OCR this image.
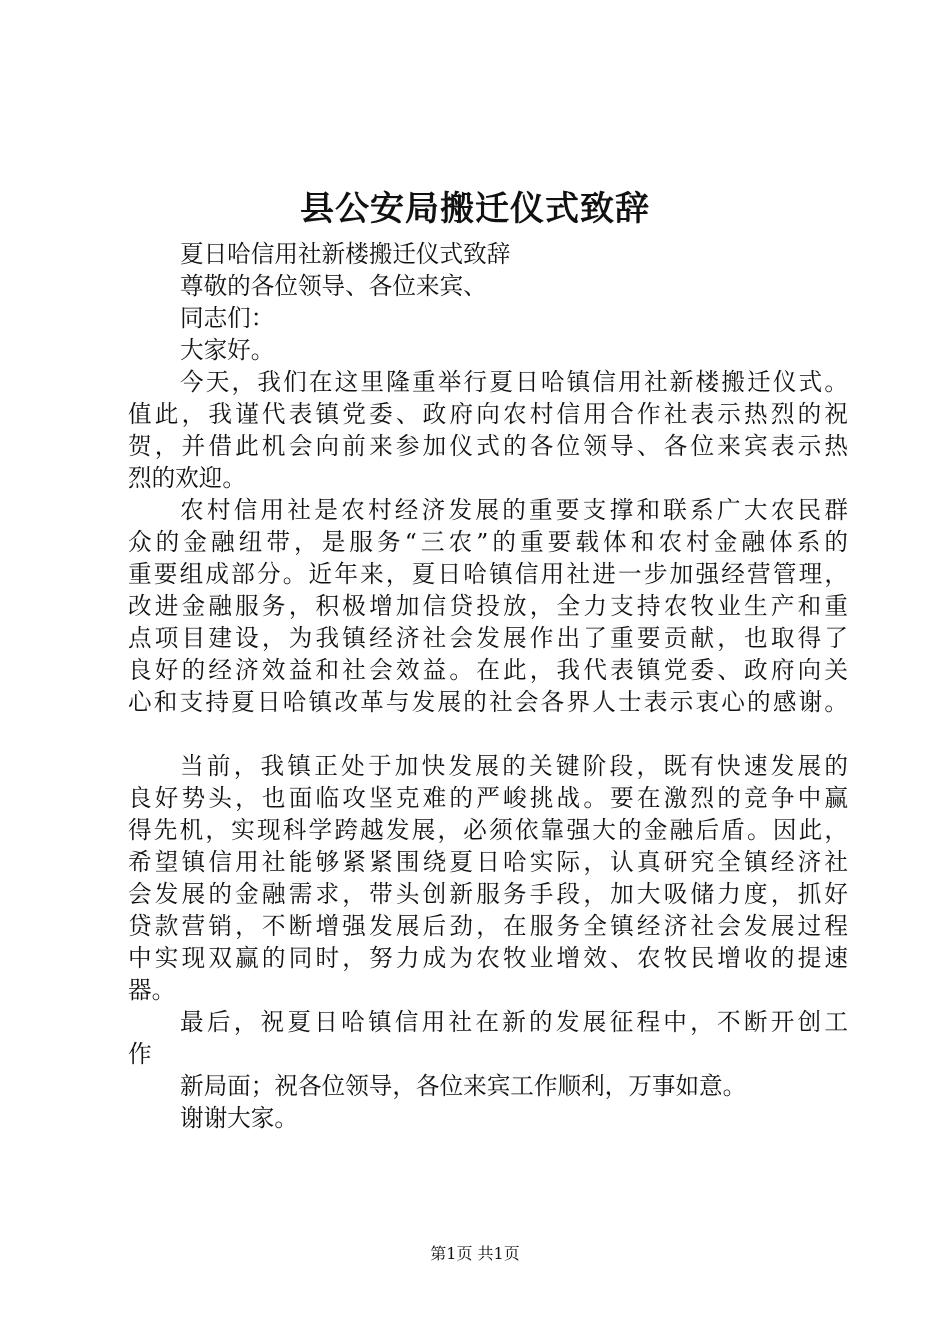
县公安局搬迁仪式致辞
夏日哈信用社新楼搬迁仪式致辞
尊敬的各位领导、各位来宾、
同志们：
大家好。
今天，我们在这里隆重举行夏日哈镇信用社新楼搬迁仪式。
值此，我谨代表镇党委、政府向农村信用合作社表示热烈的祝
贺，并借此机会向前来参加仪式的各位领导、各位来宾表示热
烈的欢迎。
农村信用社是农村经济发展的重要支撑和联系广大农民群
众的金融纽带，是服务“三农”的重要载体和农村金融体系的
重要组成部分。近年来，夏日哈镇信用社进一步加强经营管理，
改进金融服务，积极增加信贷投放，全力支持农牧业生产和重
点项目建设，为我镇经济社会发展作出了重要贡献，也取得了
良好的经济效益和社会效益。在此，我代表镇党委、政府向关
心和支持夏日哈镇改革与发展的社会各界人士表示衷心的感谢。
当前，我镇正处于加快发展的关键阶段，既有快速发展的
良好势头，也面临攻坚克难的严峻挑战。要在激烈的竞争中赢
得先机，实现科学跨越发展，必须依靠强大的金融后盾。因此，
希望镇信用社能够紧紧围绕夏日哈实际，认真研究全镇经济社
会发展的金融需求，带头创新服务手段，加大吸储力度，抓好
贷款营销，不断增强发展后劲，在服务全镇经济社会发展过程
中实现双赢的同时，努力成为农牧业增效、农牧民增收的提速
器。
最后，祝夏日哈镇信用社在新的发展征程中，不断开创工
作
新局面；祝各位领导，各位来宾工作顺利，万事如意。
谢谢大家。
第1页 共1页
